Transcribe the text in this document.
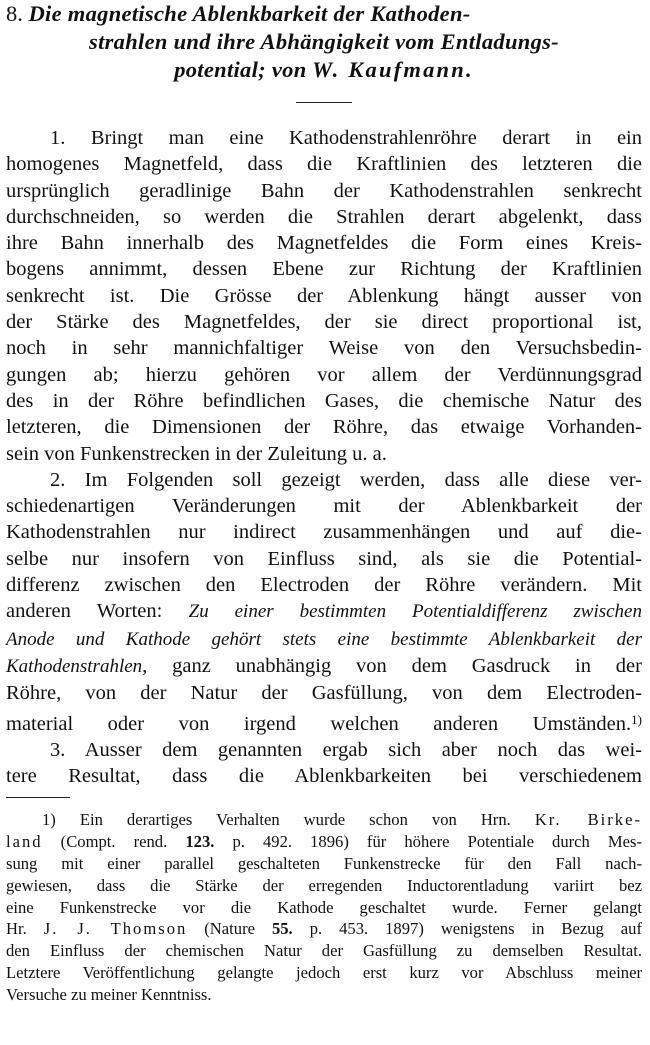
8. Die magnetische Ablenkbarkeit der Kathoden-
strahlen und ihre Abhängigkeit vom Entladungs-
potential; von W. Kaufmann.
1. Bringt man eine Kathodenstrahlenröhre derart in ein
homogenes Magnetfeld, dass die Kraftlinien des letzteren die
ursprünglich geradlinige Bahn der Kathodenstrahlen senkrecht
durchschneiden, so werden die Strahlen derart abgelenkt, dass
ihre Bahn innerhalb des Magnetfeldes die Form eines Kreis-
bogens annimmt, dessen Ebene zur Richtung der Kraftlinien
senkrecht ist. Die Grösse der Ablenkung hängt ausser von
der Stärke des Magnetfeldes, der sie direct proportional ist,
noch in sehr mannichfaltiger Weise von den Versuchsbedin-
gungen ab; hierzu gehören vor allem der Verdünnungsgrad
des in der Röhre befindlichen Gases, die chemische Natur des
letzteren, die Dimensionen der Röhre, das etwaige Vorhanden-
sein von Funkenstrecken in der Zuleitung u. a.
2. Im Folgenden soll gezeigt werden, dass alle diese ver-
schiedenartigen Veränderungen mit der Ablenkbarkeit der
Kathodenstrahlen nur indirect zusammenhängen und auf die-
selbe nur insofern von Einfluss sind, als sie die Potential-
differenz zwischen den Electroden der Röhre verändern. Mit
anderen Worten: Zu einer bestimmten Potentialdifferenz zwischen
Anode und Kathode gehört stets eine bestimmte Ablenkbarkeit der
Kathodenstrahlen, ganz unabhängig von dem Gasdruck in der
Röhre, von der Natur der Gasfüllung, von dem Electroden-
material oder von irgend welchen anderen Umständen.$^{1)}$
3. Ausser dem genannten ergab sich aber noch das wei-
tere Resultat, dass die Ablenkbarkeiten bei verschiedenem
1) Ein derartiges Verhalten wurde schon von Hrn. Kr. Birke-
land (Compt. rend. 123. p. 492. 1896) für höhere Potentiale durch Mes-
sung mit einer parallel geschalteten Funkenstrecke für den Fall nach-
gewiesen, dass die Stärke der erregenden Inductorentladung variirt bez
eine Funkenstrecke vor die Kathode geschaltet wurde. Ferner gelangt
Hr. J. J. Thomson (Nature 55. p. 453. 1897) wenigstens in Bezug auf
den Einfluss der chemischen Natur der Gasfüllung zu demselben Resultat.
Letztere Veröffentlichung gelangte jedoch erst kurz vor Abschluss meiner
Versuche zu meiner Kenntniss.
